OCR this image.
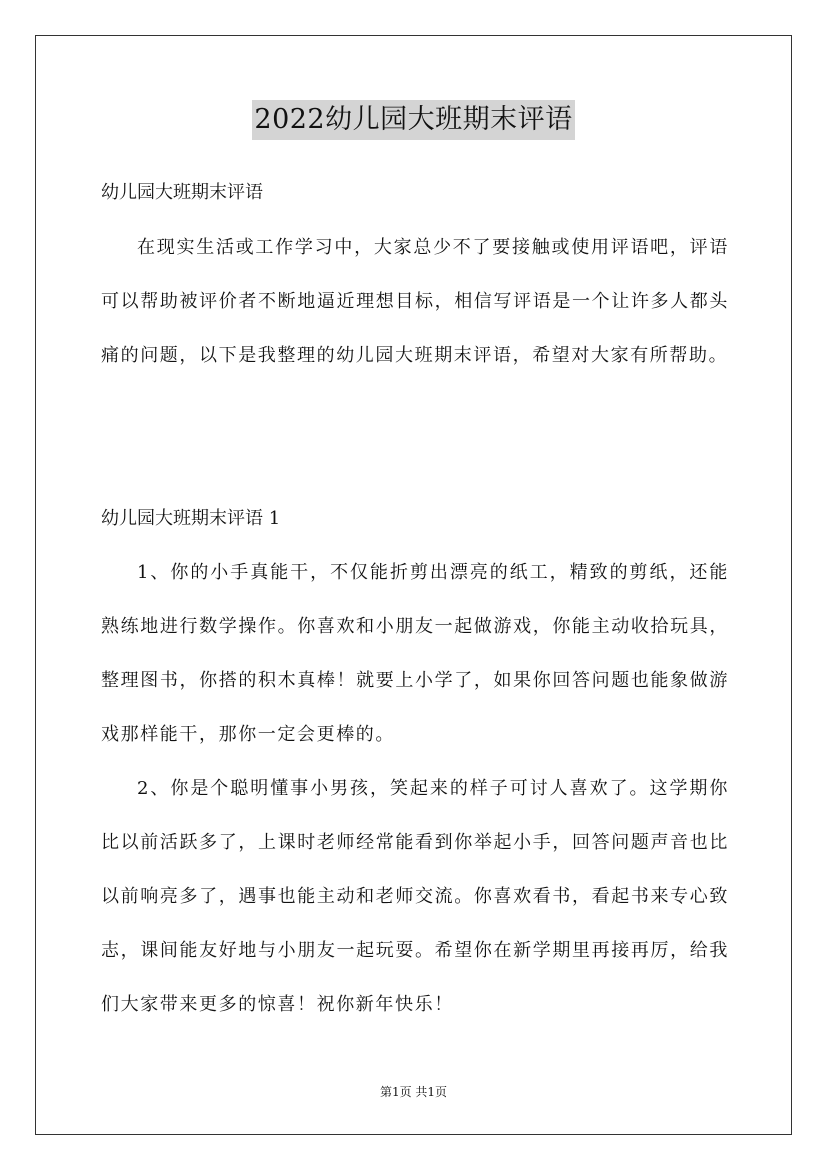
2022幼儿园大班期末评语
幼儿园大班期末评语

在现实生活或工作学习中，大家总少不了要接触或使用评语吧，评语可以帮助被评价者不断地逼近理想目标，相信写评语是一个让许多人都头痛的问题，以下是我整理的幼儿园大班期末评语，希望对大家有所帮助。

幼儿园大班期末评语 1

1、你的小手真能干，不仅能折剪出漂亮的纸工，精致的剪纸，还能熟练地进行数学操作。你喜欢和小朋友一起做游戏，你能主动收拾玩具，整理图书，你搭的积木真棒！就要上小学了，如果你回答问题也能象做游戏那样能干，那你一定会更棒的。

2、你是个聪明懂事小男孩，笑起来的样子可讨人喜欢了。这学期你比以前活跃多了，上课时老师经常能看到你举起小手，回答问题声音也比以前响亮多了，遇事也能主动和老师交流。你喜欢看书，看起书来专心致志，课间能友好地与小朋友一起玩耍。希望你在新学期里再接再厉，给我们大家带来更多的惊喜！祝你新年快乐！

第1页 共1页
